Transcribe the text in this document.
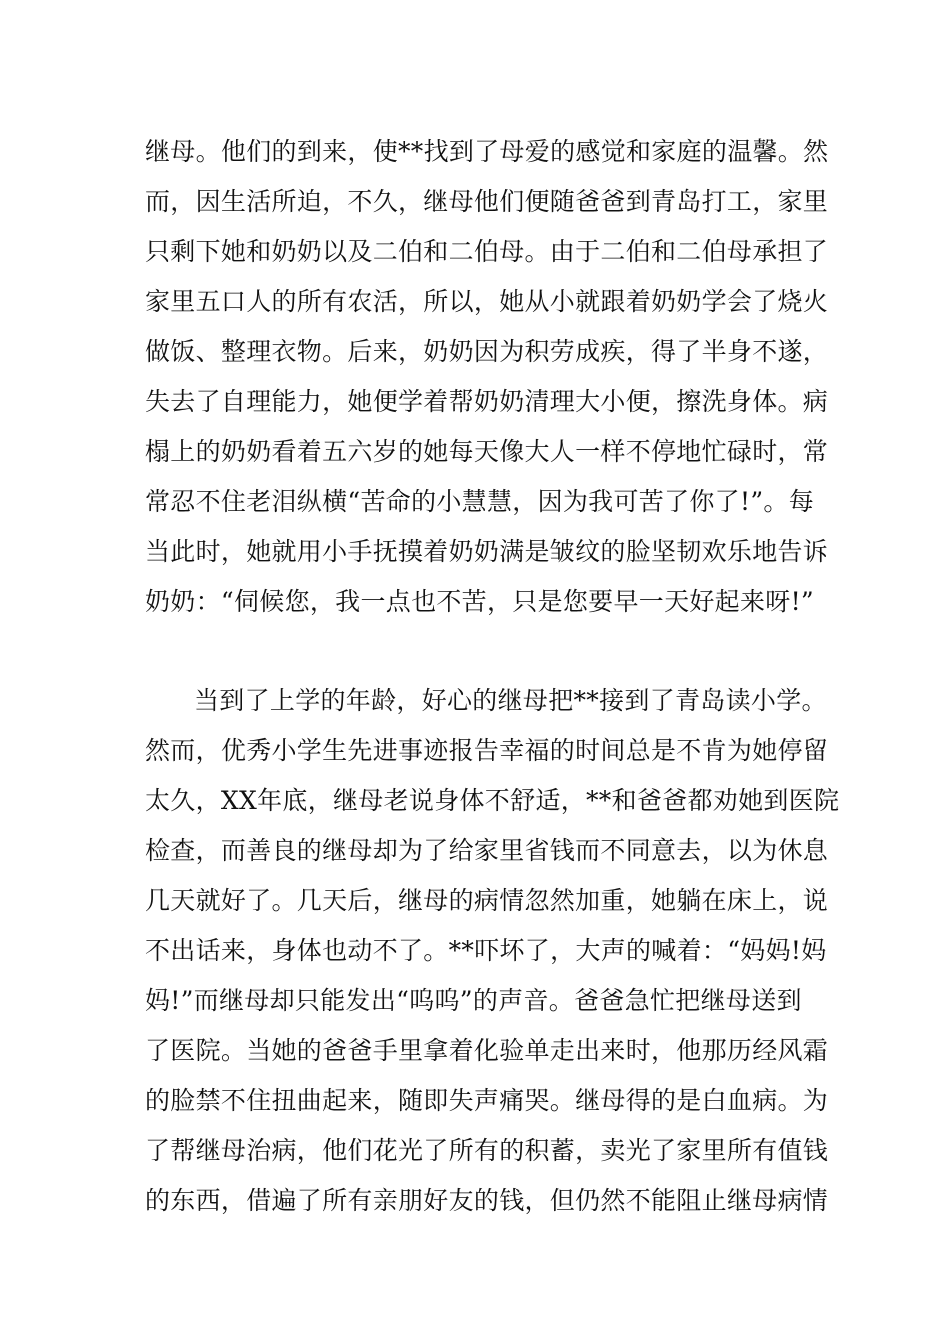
继母。他们的到来，使**找到了母爱的感觉和家庭的温馨。然
而，因生活所迫，不久，继母他们便随爸爸到青岛打工，家里
只剩下她和奶奶以及二伯和二伯母。由于二伯和二伯母承担了
家里五口人的所有农活，所以，她从小就跟着奶奶学会了烧火
做饭、整理衣物。后来，奶奶因为积劳成疾，得了半身不遂，
失去了自理能力，她便学着帮奶奶清理大小便，擦洗身体。病
榻上的奶奶看着五六岁的她每天像大人一样不停地忙碌时，常
常忍不住老泪纵横“苦命的小慧慧，因为我可苦了你了!”。每
当此时，她就用小手抚摸着奶奶满是皱纹的脸坚韧欢乐地告诉
奶奶：“伺候您，我一点也不苦，只是您要早一天好起来呀!”
当到了上学的年龄，好心的继母把**接到了青岛读小学。
然而，优秀小学生先进事迹报告幸福的时间总是不肯为她停留
太久，XX年底，继母老说身体不舒适，**和爸爸都劝她到医院
检查，而善良的继母却为了给家里省钱而不同意去，以为休息
几天就好了。几天后，继母的病情忽然加重，她躺在床上，说
不出话来，身体也动不了。**吓坏了，大声的喊着：“妈妈!妈
妈!”而继母却只能发出“呜呜”的声音。爸爸急忙把继母送到
了医院。当她的爸爸手里拿着化验单走出来时，他那历经风霜
的脸禁不住扭曲起来，随即失声痛哭。继母得的是白血病。为
了帮继母治病，他们花光了所有的积蓄，卖光了家里所有值钱
的东西，借遍了所有亲朋好友的钱，但仍然不能阻止继母病情
